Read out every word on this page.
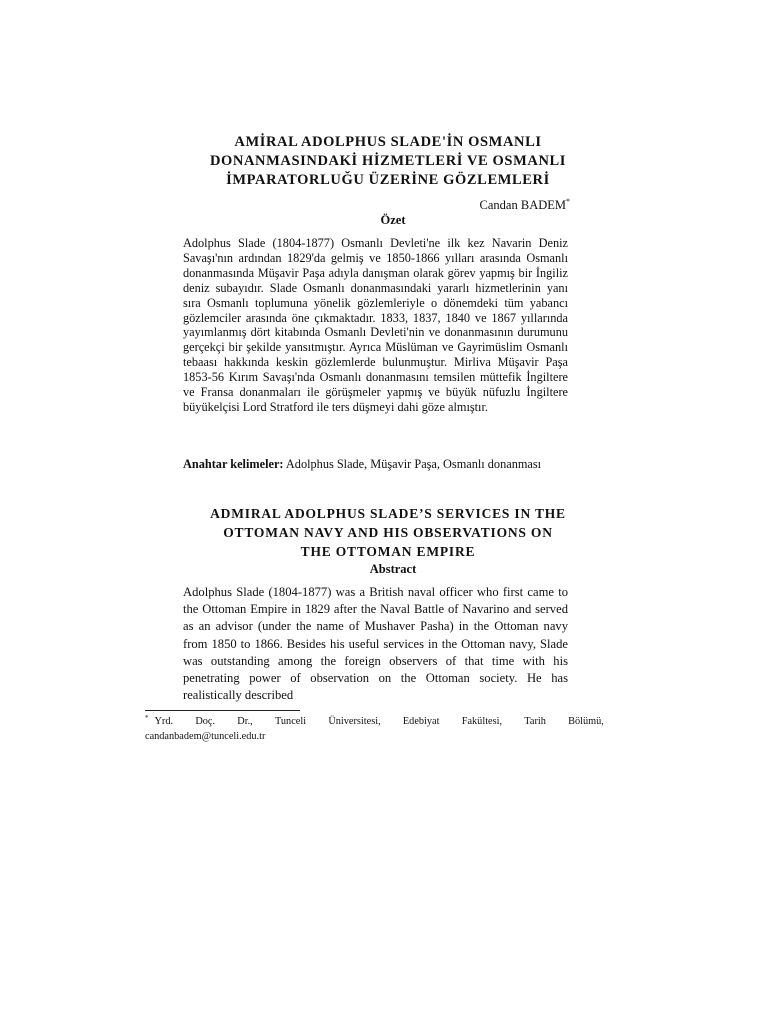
AMİRAL ADOLPHUS SLADE'İN OSMANLI
DONANMASINDAKİ HİZMETLERİ VE OSMANLI
İMPARATORLUĞU ÜZERİNE GÖZLEMLERİ
Candan BADEM*
Özet
Adolphus Slade (1804-1877) Osmanlı Devleti'ne ilk kez Navarin Deniz Savaşı'nın ardından 1829'da gelmiş ve 1850-1866 yılları arasında Osmanlı donanmasında Müşavir Paşa adıyla danışman olarak görev yapmış bir İngiliz deniz subayıdır. Slade Osmanlı donanmasındaki yararlı hizmetlerinin yanı sıra Osmanlı toplumuna yönelik gözlemleriyle o dönemdeki tüm yabancı gözlemciler arasında öne çıkmaktadır. 1833, 1837, 1840 ve 1867 yıllarında yayımlanmış dört kitabında Osmanlı Devleti'nin ve donanmasının durumunu gerçekçi bir şekilde yansıtmıştır. Ayrıca Müslüman ve Gayrimüslim Osmanlı tebaası hakkında keskin gözlemlerde bulunmuştur. Mirliva Müşavir Paşa 1853-56 Kırım Savaşı'nda Osmanlı donanmasını temsilen müttefik İngiltere ve Fransa donanmaları ile görüşmeler yapmış ve büyük nüfuzlu İngiltere büyükelçisi Lord Stratford ile ters düşmeyi dahi göze almıştır.
Anahtar kelimeler: Adolphus Slade, Müşavir Paşa, Osmanlı donanması
ADMIRAL ADOLPHUS SLADE’S SERVICES IN THE
OTTOMAN NAVY AND HIS OBSERVATIONS ON
THE OTTOMAN EMPIRE
Abstract
Adolphus Slade (1804-1877) was a British naval officer who first came to the Ottoman Empire in 1829 after the Naval Battle of Navarino and served as an advisor (under the name of Mushaver Pasha) in the Ottoman navy from 1850 to 1866. Besides his useful services in the Ottoman navy, Slade was outstanding among the foreign observers of that time with his penetrating power of observation on the Ottoman society. He has realistically described
* Yrd. Doç. Dr., Tunceli Üniversitesi, Edebiyat Fakültesi, Tarih Bölümü,
candanbadem@tunceli.edu.tr
